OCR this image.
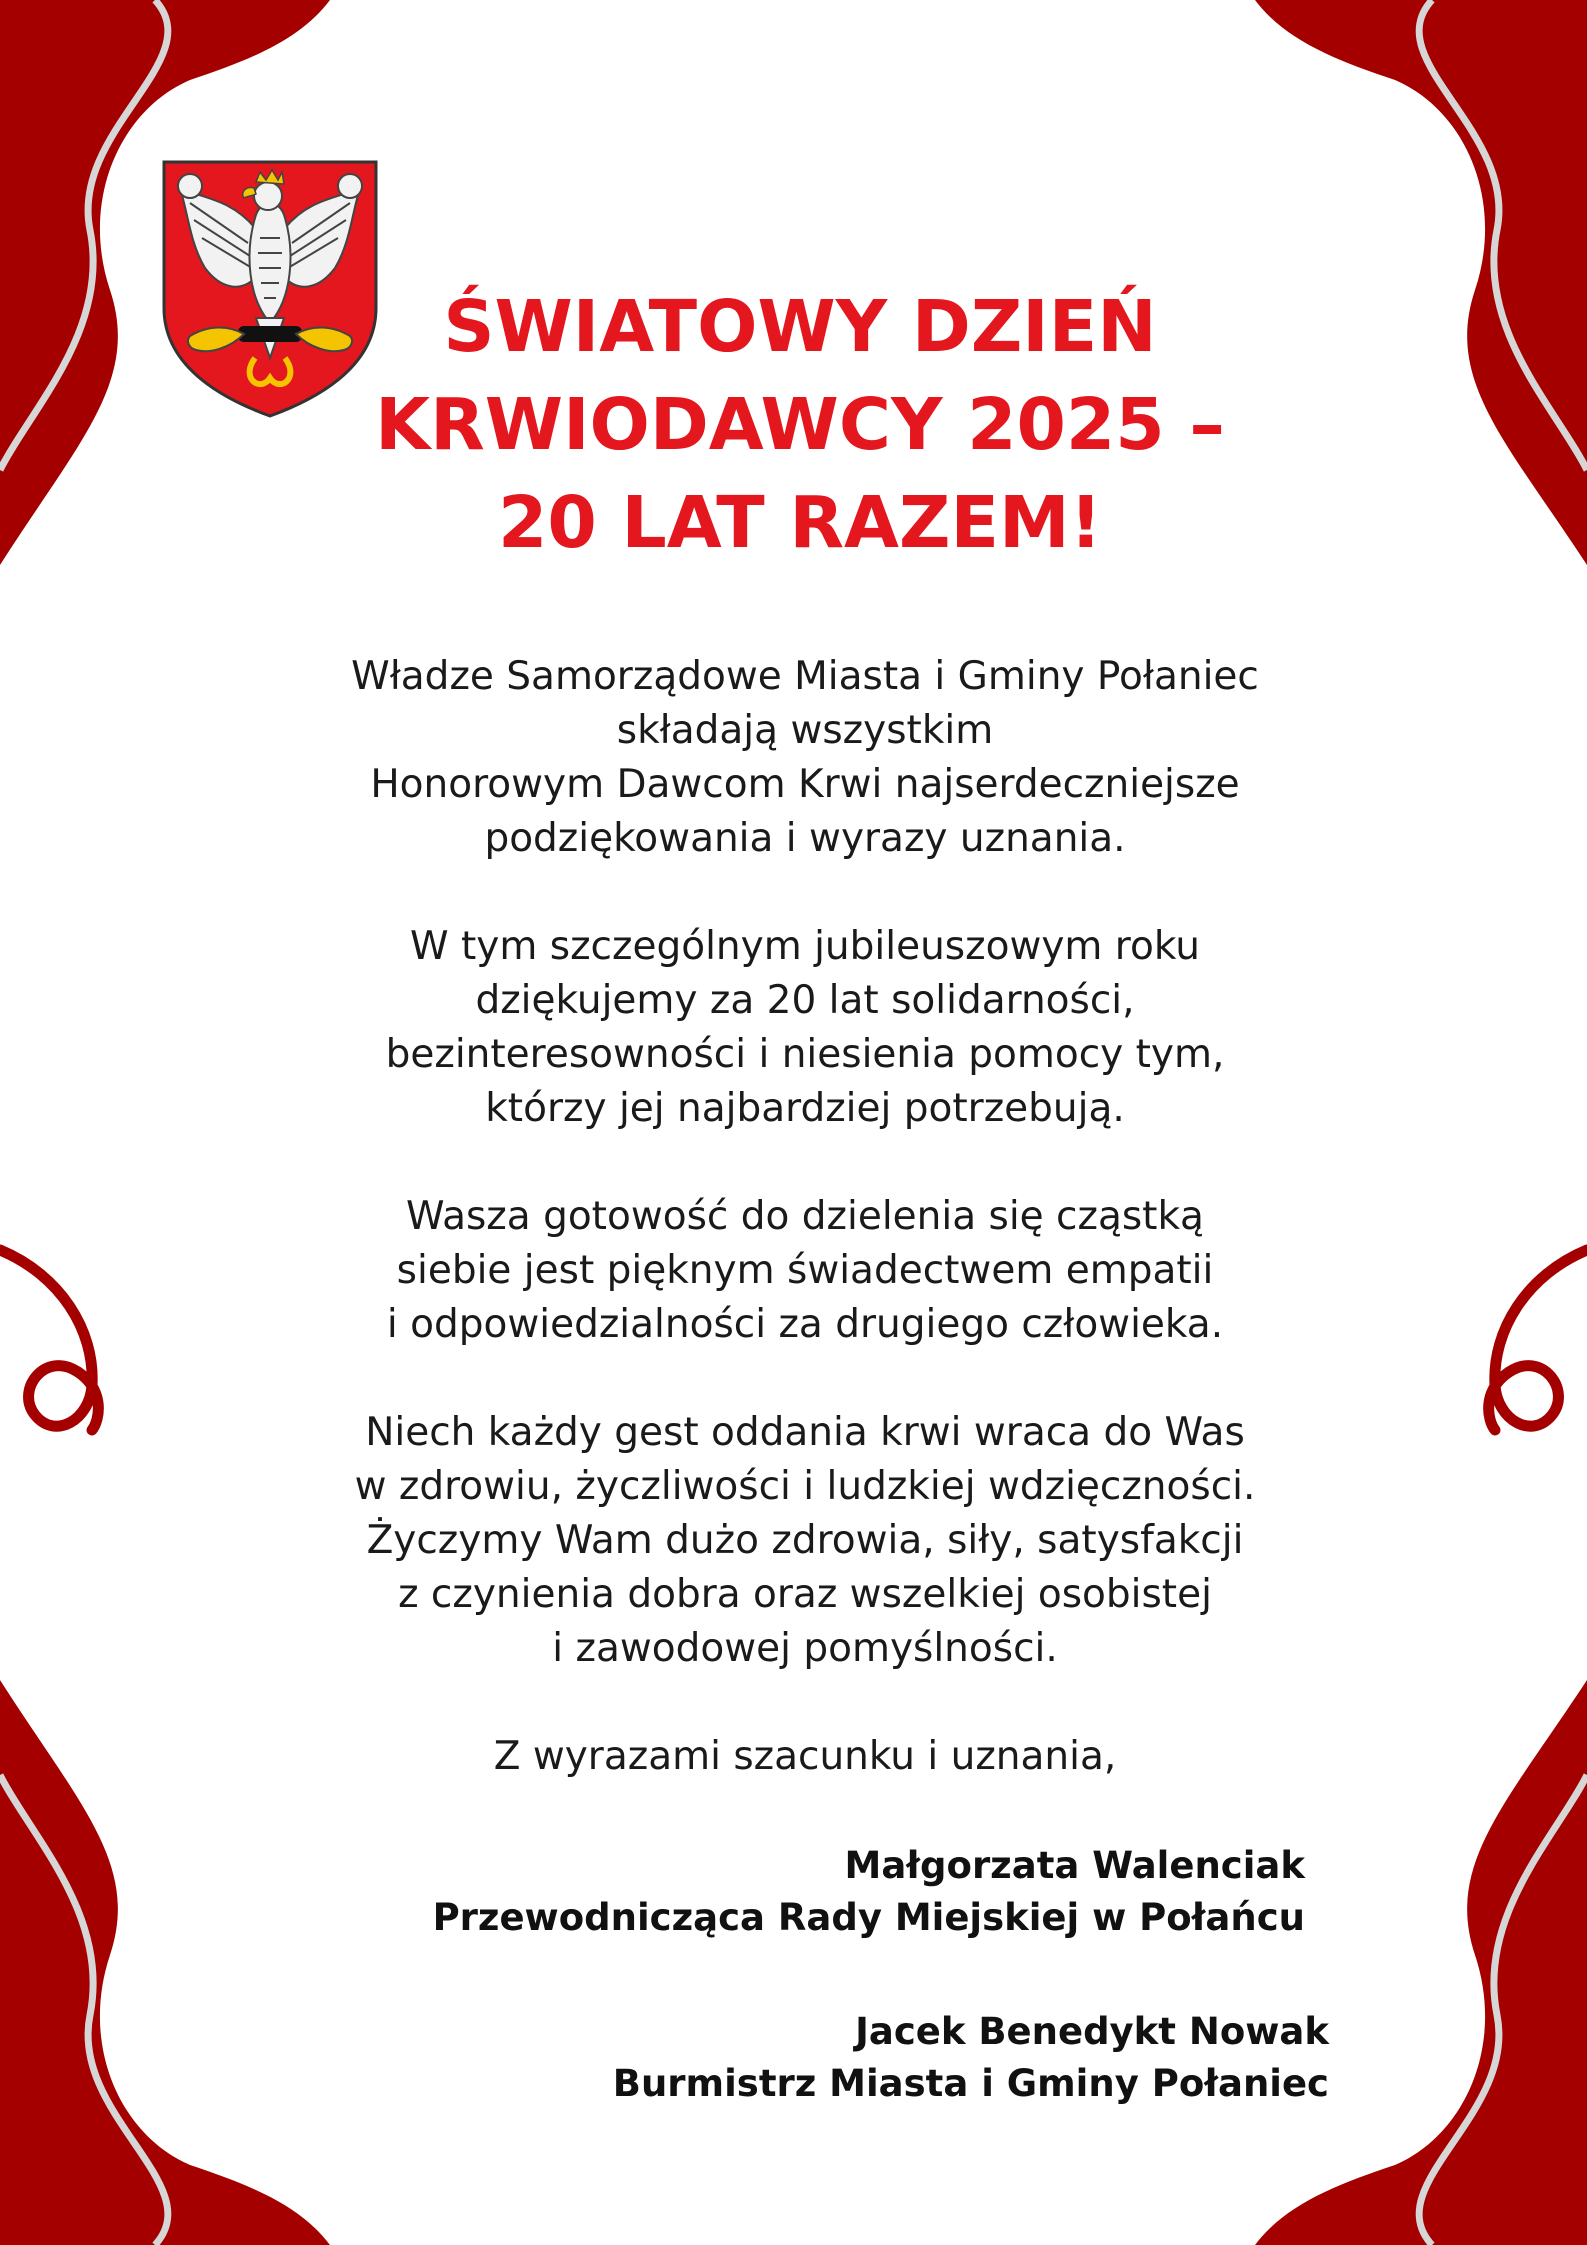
ŚWIATOWY DZIEŃ
KRWIODAWCY 2025 –
20 LAT RAZEM!

Władze Samorządowe Miasta i Gminy Połaniec
składają wszystkim
Honorowym Dawcom Krwi najserdeczniejsze
podziękowania i wyrazy uznania.

W tym szczególnym jubileuszowym roku
dziękujemy za 20 lat solidarności,
bezinteresowności i niesienia pomocy tym,
którzy jej najbardziej potrzebują.

Wasza gotowość do dzielenia się cząstką
siebie jest pięknym świadectwem empatii
i odpowiedzialności za drugiego człowieka.

Niech każdy gest oddania krwi wraca do Was
w zdrowiu, życzliwości i ludzkiej wdzięczności.
Życzymy Wam dużo zdrowia, siły, satysfakcji
z czynienia dobra oraz wszelkiej osobistej
i zawodowej pomyślności.

Z wyrazami szacunku i uznania,

Małgorzata Walenciak
Przewodnicząca Rady Miejskiej w Połańcu
Jacek Benedykt Nowak
Burmistrz Miasta i Gminy Połaniec
